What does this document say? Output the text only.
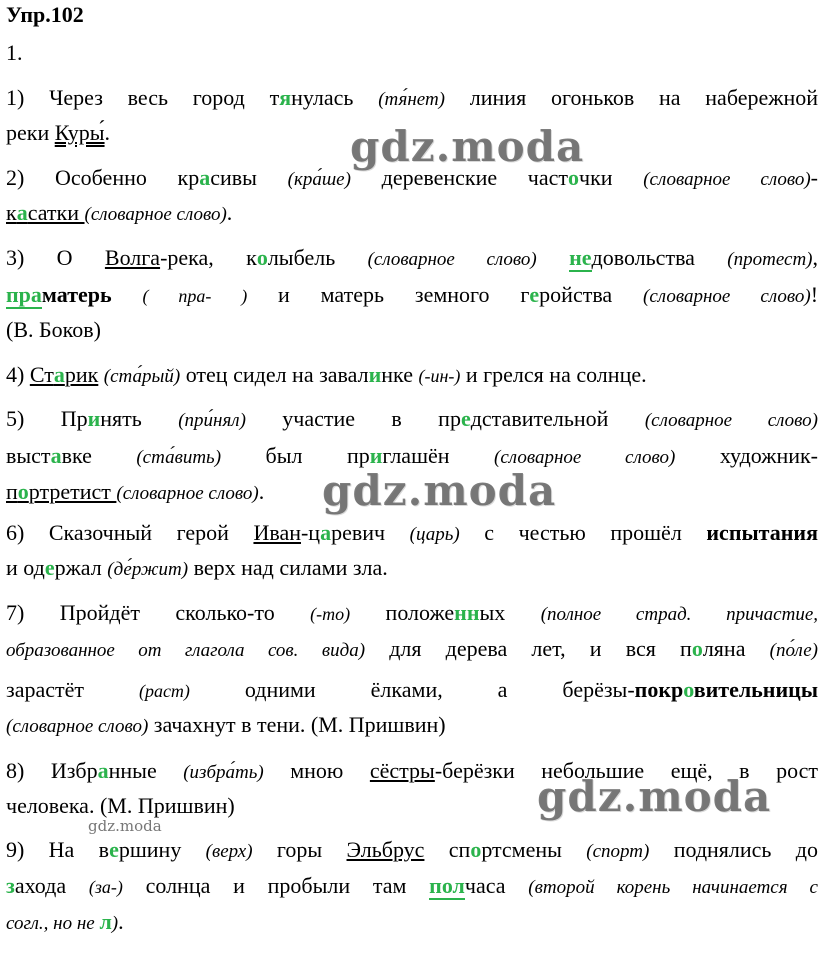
Упр.102
1.
1) Через весь город тянулась (тя́нет) линия огоньков на набережной
реки Куры́.
2) Особенно красивы (кра́ше) деревенские часточки (словарное слово)-
касатки (словарное слово).
3) О Волга-река, колыбель (словарное слово) недовольства (протест),
праматерь ( пра- ) и матерь земного геройства (словарное слово)!
(В. Боков)
4) Старик (ста́рый) отец сидел на завалинке (-ин-) и грелся на солнце.
5) Принять (при́нял) участие в представительной (словарное слово)
выставке (ста́вить) был приглашён (словарное слово) художник-
портретист (словарное слово).
6) Сказочный герой Иван-царевич (царь) с честью прошёл испытания
и одержал (де́ржит) верх над силами зла.
7) Пройдёт сколько-то (-то) положенных (полное страд. причастие,
образованное от глагола сов. вида) для дерева лет, и вся поляна (по́ле)
зарастёт (раст) одними ёлками, а берёзы-покровительницы
(словарное слово) зачахнут в тени. (М. Пришвин)
8) Избранные (избра́ть) мною сёстры-берёзки небольшие ещё, в рост
человека. (М. Пришвин)
9) На вершину (верх) горы Эльбрус спортсмены (спорт) поднялись до
захода (за-) солнца и пробыли там полчаса (второй корень начинается с
согл., но не л).
gdz.moda
gdz.moda
gdz.moda
gdz.moda
